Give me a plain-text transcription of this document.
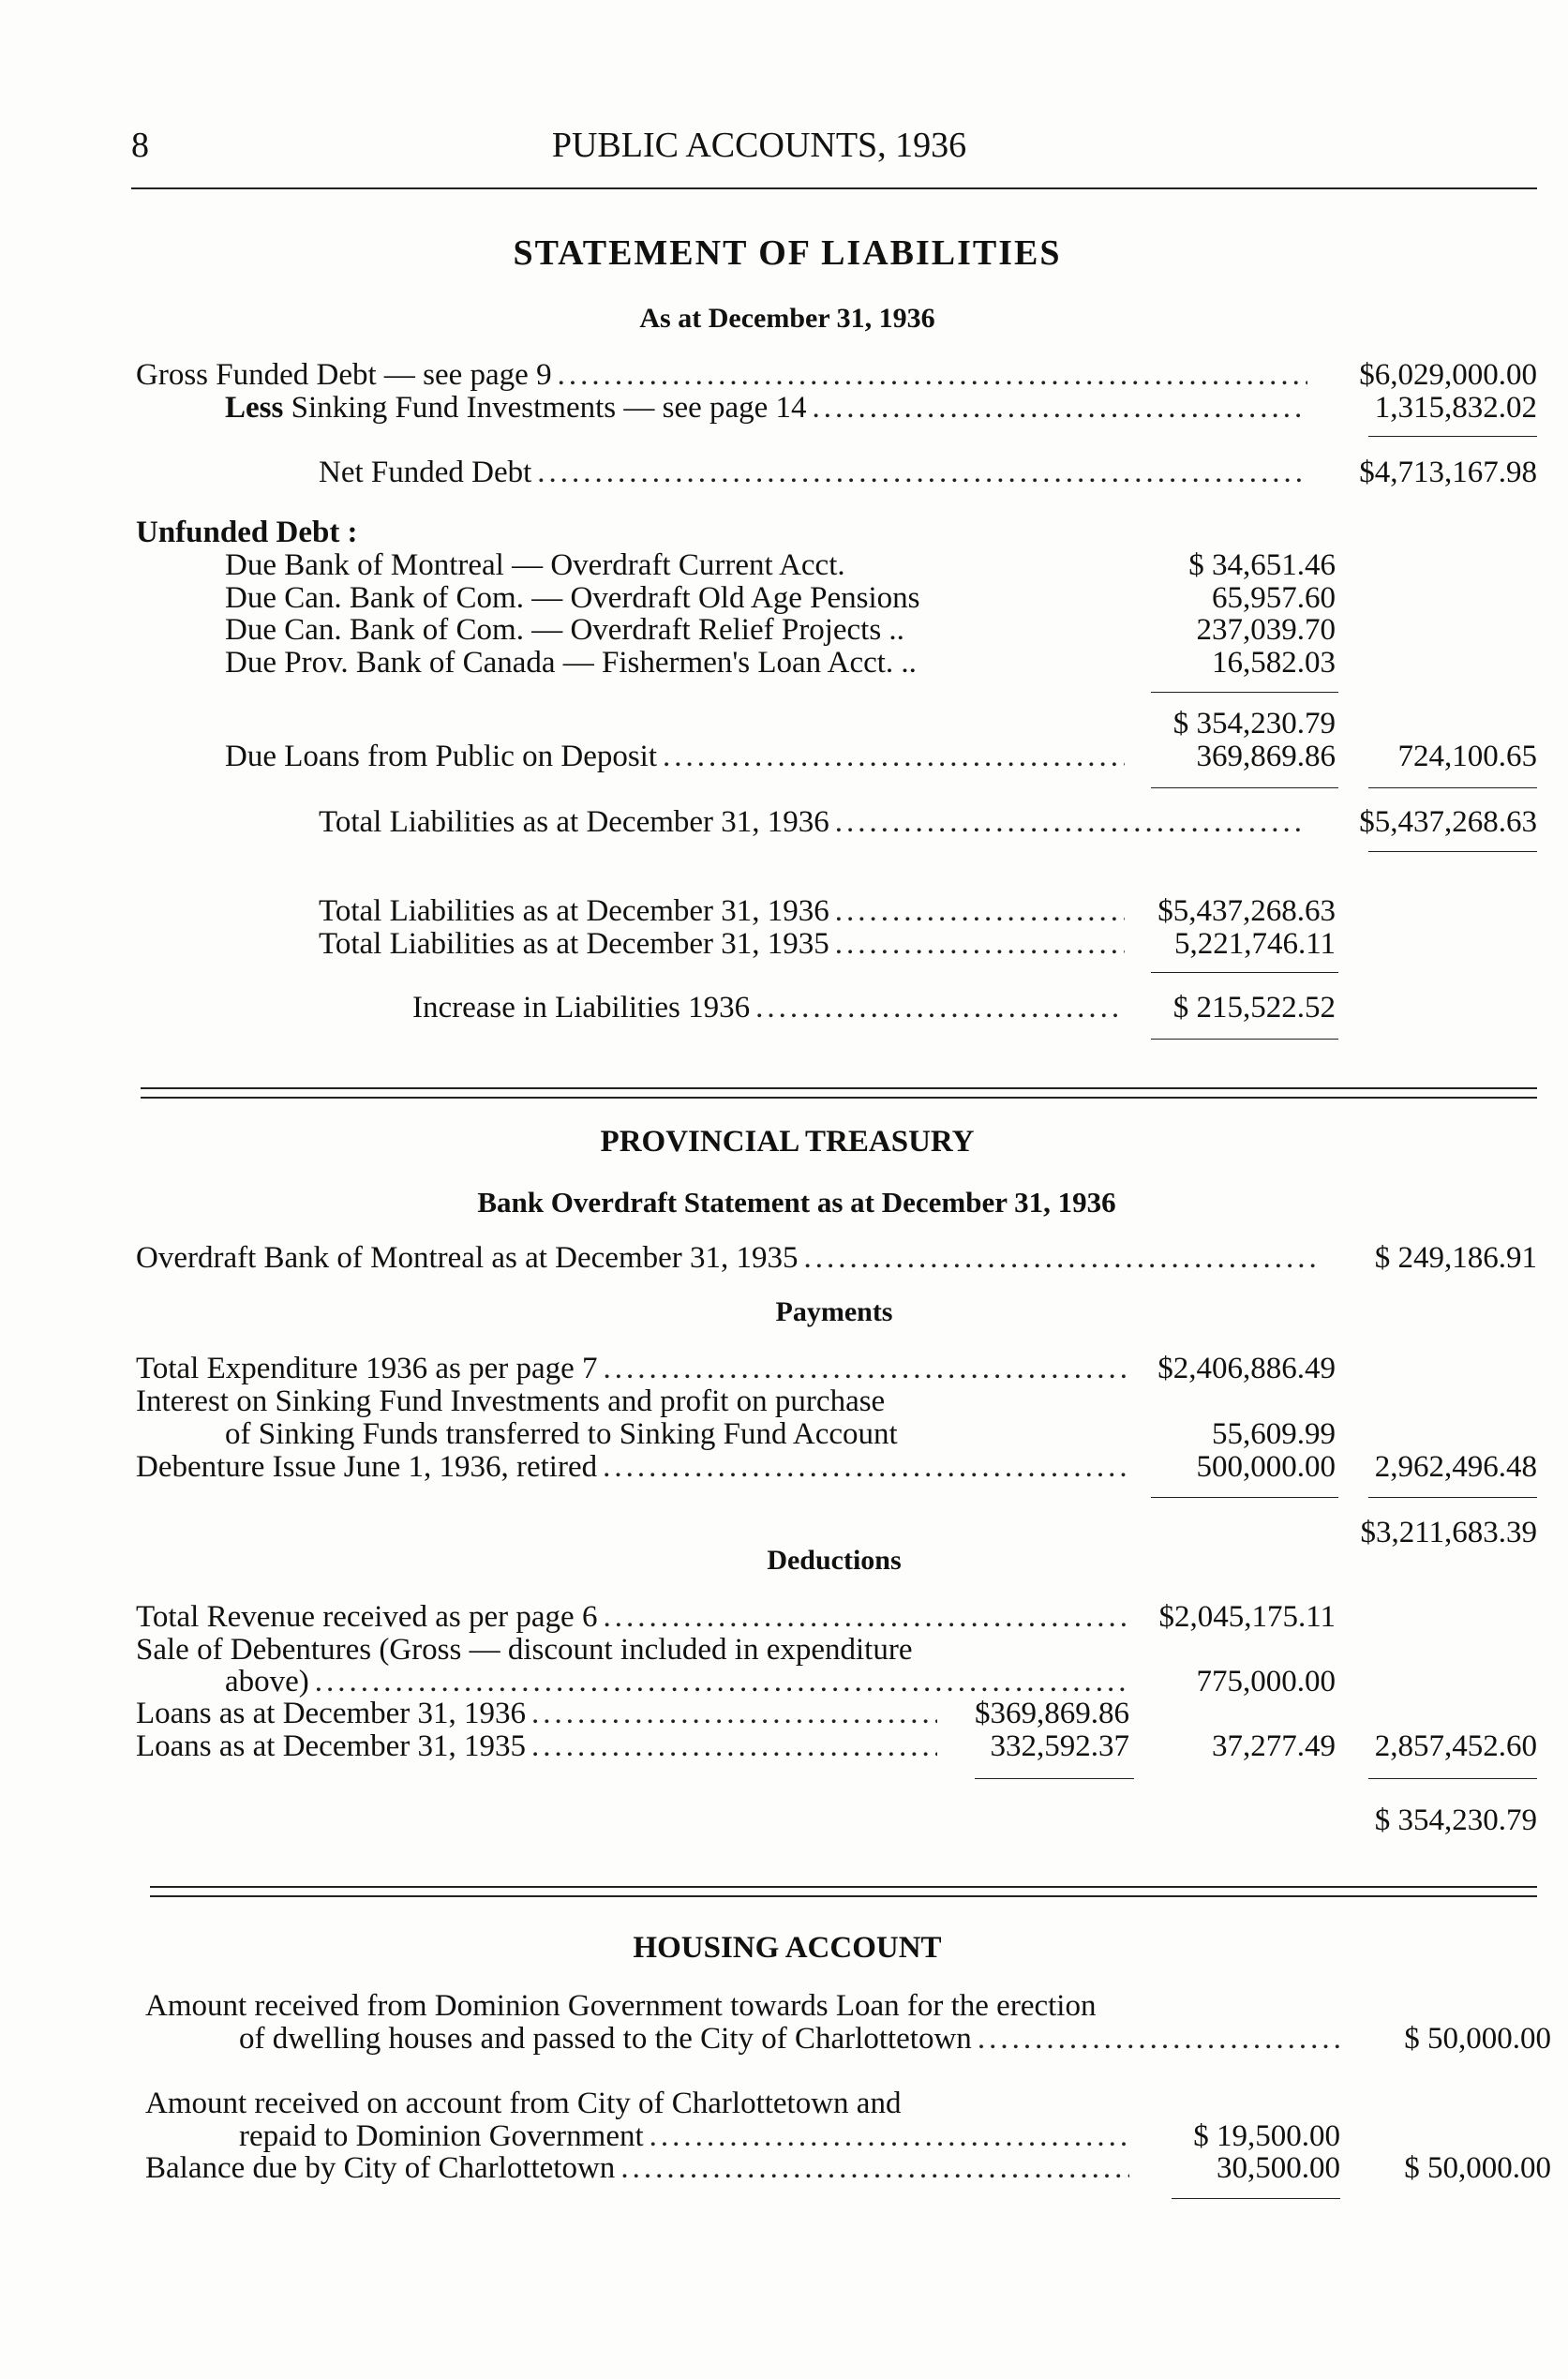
8	PUBLIC ACCOUNTS, 1936
STATEMENT OF LIABILITIES
As at December 31, 1936
Gross Funded Debt — see page 9 .....	$6,029,000.00
Less Sinking Fund Investments — see page 14 .....	1,315,832.02
Net Funded Debt .....	$4,713,167.98
Unfunded Debt :
Due Bank of Montreal — Overdraft Current Acct.	$ 34,651.46
Due Can. Bank of Com. — Overdraft Old Age Pensions	65,957.60
Due Can. Bank of Com. — Overdraft Relief Projects ..	237,039.70
Due Prov. Bank of Canada — Fishermen's Loan Acct. ..	16,582.03
$ 354,230.79
Due Loans from Public on Deposit .....	369,869.86	724,100.65
Total Liabilities as at December 31, 1936 .....	$5,437,268.63
Total Liabilities as at December 31, 1936 .....	$5,437,268.63
Total Liabilities as at December 31, 1935 .....	5,221,746.11
Increase in Liabilities 1936 .....	$ 215,522.52
PROVINCIAL TREASURY
Bank Overdraft Statement as at December 31, 1936
Overdraft Bank of Montreal as at December 31, 1935 .....	$ 249,186.91
Payments
Total Expenditure 1936 as per page 7 .....	$2,406,886.49
Interest on Sinking Fund Investments and profit on purchase
of Sinking Funds transferred to Sinking Fund Account	55,609.99
Debenture Issue June 1, 1936, retired .....	500,000.00	2,962,496.48
$3,211,683.39
Deductions
Total Revenue received as per page 6 .....	$2,045,175.11
Sale of Debentures (Gross — discount included in expenditure
above) .....	775,000.00
Loans as at December 31, 1936 .....	$369,869.86
Loans as at December 31, 1935 .....	332,592.37	37,277.49	2,857,452.60
$ 354,230.79
HOUSING ACCOUNT
Amount received from Dominion Government towards Loan for the erection
of dwelling houses and passed to the City of Charlottetown .....	$ 50,000.00
Amount received on account from City of Charlottetown and
repaid to Dominion Government .....	$ 19,500.00
Balance due by City of Charlottetown .....	30,500.00	$ 50,000.00
